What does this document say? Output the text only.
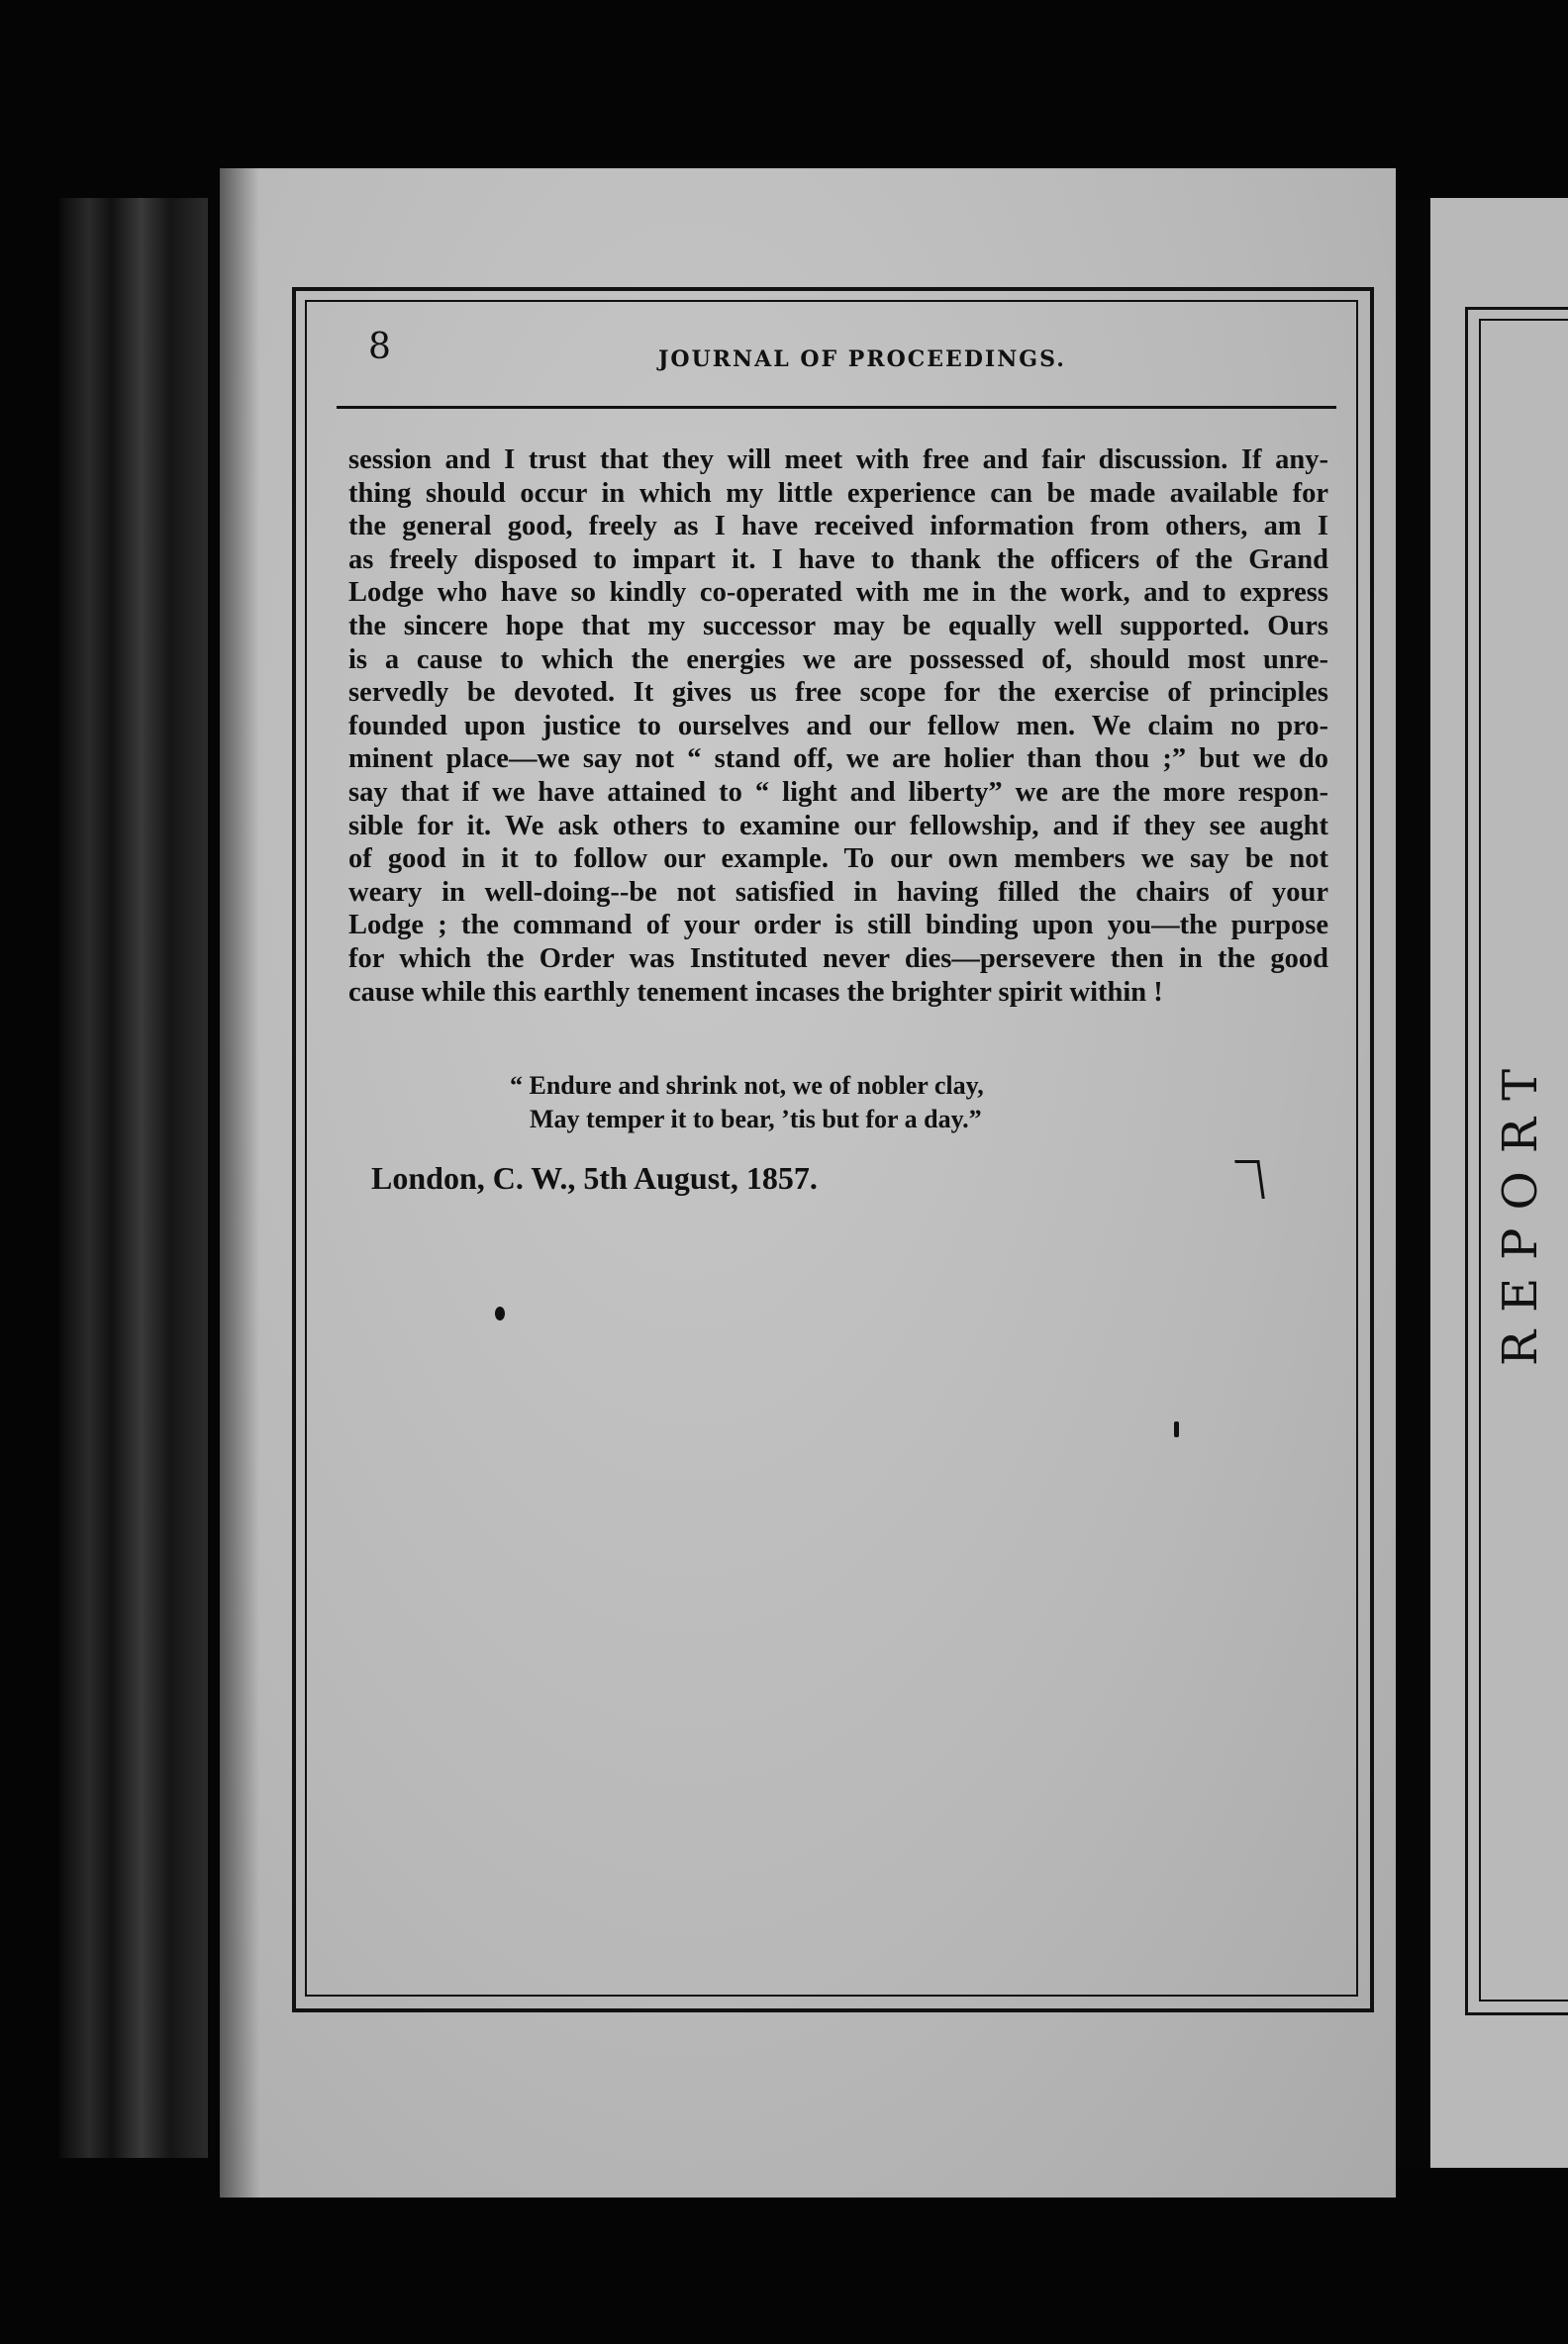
8	JOURNAL OF PROCEEDINGS.
session and I trust that they will meet with free and fair discussion. If any-
thing should occur in which my little experience can be made available for
the general good, freely as I have received information from others, am I
as freely disposed to impart it. I have to thank the officers of the Grand
Lodge who have so kindly co-operated with me in the work, and to express
the sincere hope that my successor may be equally well supported. Ours
is a cause to which the energies we are possessed of, should most unre-
servedly be devoted. It gives us free scope for the exercise of principles
founded upon justice to ourselves and our fellow men. We claim no pro-
minent place—we say not “ stand off, we are holier than thou ;” but we do
say that if we have attained to “ light and liberty” we are the more respon-
sible for it. We ask others to examine our fellowship, and if they see aught
of good in it to follow our example. To our own members we say be not
weary in well-doing--be not satisfied in having filled the chairs of your
Lodge ; the command of your order is still binding upon you—the purpose
for which the Order was Instituted never dies—persevere then in the good
cause while this earthly tenement incases the brighter spirit within !
“ Endure and shrink not, we of nobler clay,
May temper it to bear, ’tis but for a day.”
London, C. W., 5th August, 1857.	REPORT
